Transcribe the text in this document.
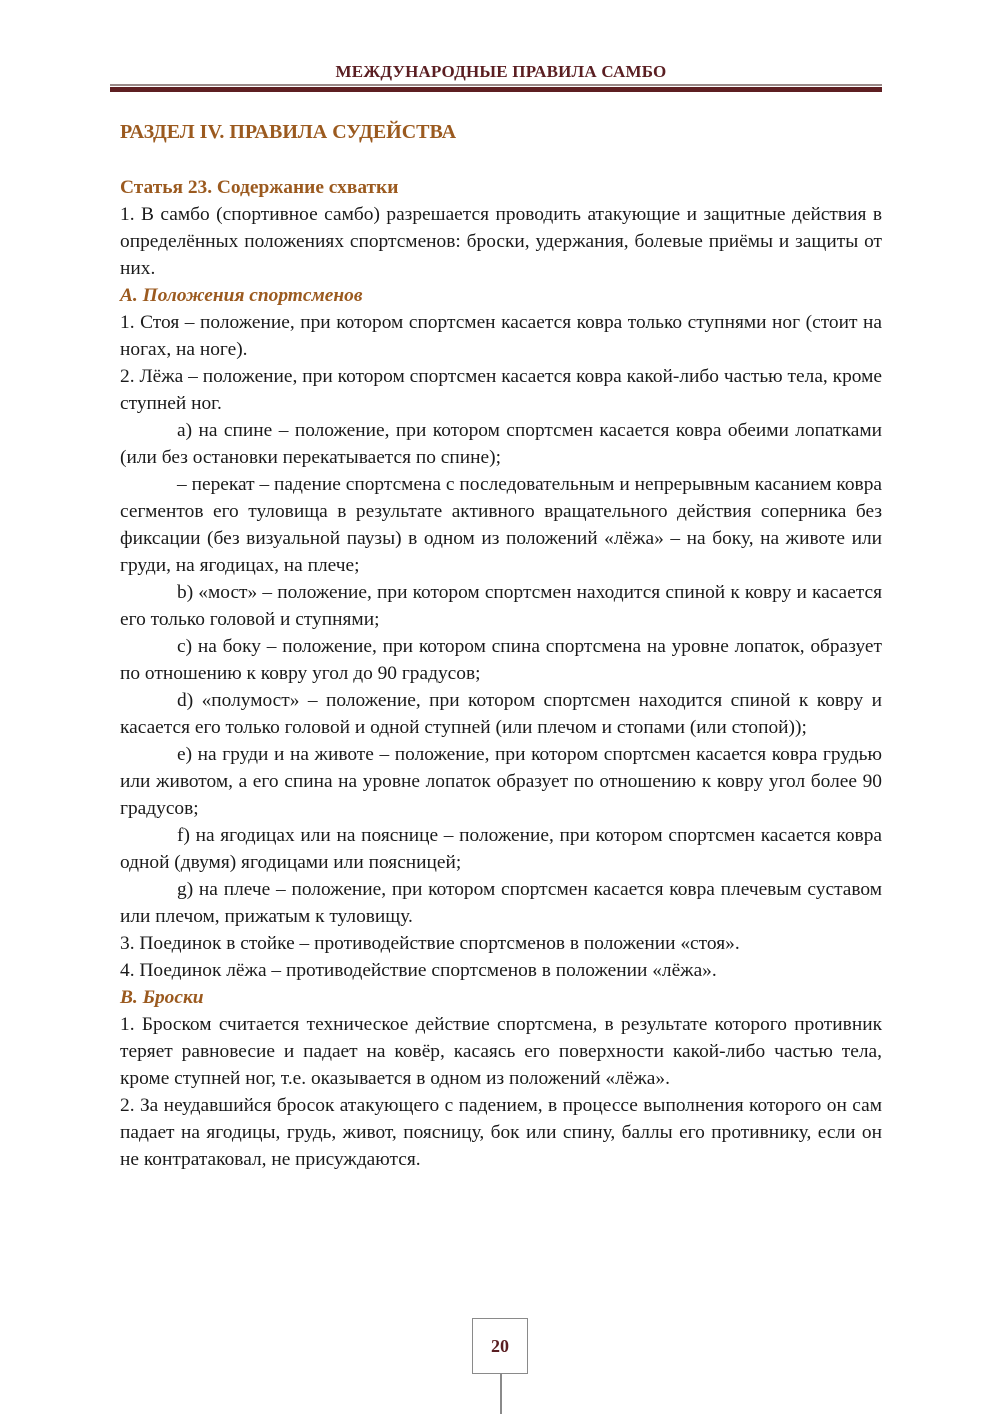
МЕЖДУНАРОДНЫЕ ПРАВИЛА САМБО
РАЗДЕЛ IV. ПРАВИЛА СУДЕЙСТВА
Статья 23. Содержание схватки

1. В самбо (спортивное самбо) разрешается проводить атакующие и защитные действия в определённых положениях спортсменов: броски, удержания, болевые приёмы и защиты от них.

А. Положения спортсменов

1. Стоя – положение, при котором спортсмен касается ковра только ступнями ног (стоит на ногах, на ноге).

2. Лёжа – положение, при котором спортсмен касается ковра какой-либо частью тела, кроме ступней ног.

a) на спине – положение, при котором спортсмен касается ковра обеими лопатками (или без остановки перекатывается по спине);

– перекат – падение спортсмена с последовательным и непрерывным касанием ковра сегментов его туловища в результате активного вращательного действия соперника без фиксации (без визуальной паузы) в одном из положений «лёжа» – на боку, на животе или груди, на ягодицах, на плече;

b) «мост» – положение, при котором спортсмен находится спиной к ковру и касается его только головой и ступнями;

c) на боку – положение, при котором спина спортсмена на уровне лопаток, образует по отношению к ковру угол до 90 градусов;

d) «полумост» – положение, при котором спортсмен находится спиной к ковру и касается его только головой и одной ступней (или плечом и стопами (или стопой));

e) на груди и на животе – положение, при котором спортсмен касается ковра грудью или животом, а его спина на уровне лопаток образует по отношению к ковру угол более 90 градусов;

f) на ягодицах или на пояснице – положение, при котором спортсмен касается ковра одной (двумя) ягодицами или поясницей;

g) на плече – положение, при котором спортсмен касается ковра плечевым суставом или плечом, прижатым к туловищу.

3. Поединок в стойке – противодействие спортсменов в положении «стоя».

4. Поединок лёжа – противодействие спортсменов в положении «лёжа».

B. Броски

1. Броском считается техническое действие спортсмена, в результате которого противник теряет равновесие и падает на ковёр, касаясь его поверхности какой-либо частью тела, кроме ступней ног, т.е. оказывается в одном из положений «лёжа».

2. За неудавшийся бросок атакующего с падением, в процессе выполнения которого он сам падает на ягодицы, грудь, живот, поясницу, бок или спину, баллы его противнику, если он не контратаковал, не присуждаются.

20
